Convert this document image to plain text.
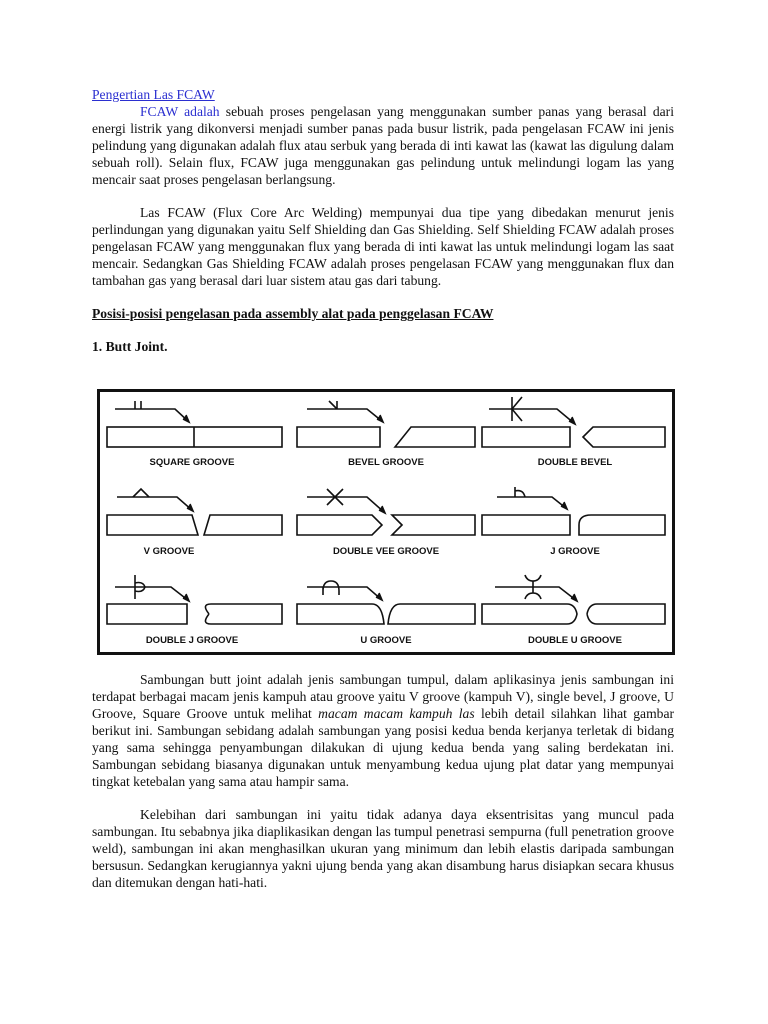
Pengertian Las FCAW

FCAW adalah sebuah proses pengelasan yang menggunakan sumber panas yang berasal dari energi listrik yang dikonversi menjadi sumber panas pada busur listrik, pada pengelasan FCAW ini jenis pelindung yang digunakan adalah flux atau serbuk yang berada di inti kawat las (kawat las digulung dalam sebuah roll). Selain flux, FCAW juga menggunakan gas pelindung untuk melindungi logam las yang mencair saat proses pengelasan berlangsung.

Las FCAW (Flux Core Arc Welding) mempunyai dua tipe yang dibedakan menurut jenis perlindungan yang digunakan yaitu Self Shielding dan Gas Shielding. Self Shielding FCAW adalah proses pengelasan FCAW yang menggunakan flux yang berada di inti kawat las untuk melindungi logam las saat mencair. Sedangkan Gas Shielding FCAW adalah proses pengelasan FCAW yang menggunakan flux dan tambahan gas yang berasal dari luar sistem atau gas dari tabung.

Posisi-posisi pengelasan pada assembly alat pada penggelasan FCAW

1. Butt Joint.

SQUARE GROOVE	BEVEL GROOVE	DOUBLE BEVEL
V GROOVE	DOUBLE VEE GROOVE	J GROOVE
DOUBLE J GROOVE	U GROOVE	DOUBLE U GROOVE

Sambungan butt joint adalah jenis sambungan tumpul, dalam aplikasinya jenis sambungan ini terdapat berbagai macam jenis kampuh atau groove yaitu V groove (kampuh V), single bevel, J groove, U Groove, Square Groove untuk melihat macam macam kampuh las lebih detail silahkan lihat gambar berikut ini. Sambungan sebidang adalah sambungan yang posisi kedua benda kerjanya terletak di bidang yang sama sehingga penyambungan dilakukan di ujung kedua benda yang saling berdekatan ini. Sambungan sebidang biasanya digunakan untuk menyambung kedua ujung plat datar yang mempunyai tingkat ketebalan yang sama atau hampir sama.

Kelebihan dari sambungan ini yaitu tidak adanya daya eksentrisitas yang muncul pada sambungan. Itu sebabnya jika diaplikasikan dengan las tumpul penetrasi sempurna (full penetration groove weld), sambungan ini akan menghasilkan ukuran yang minimum dan lebih elastis daripada sambungan bersusun. Sedangkan kerugiannya yakni ujung benda yang akan disambung harus disiapkan secara khusus dan ditemukan dengan hati-hati.
